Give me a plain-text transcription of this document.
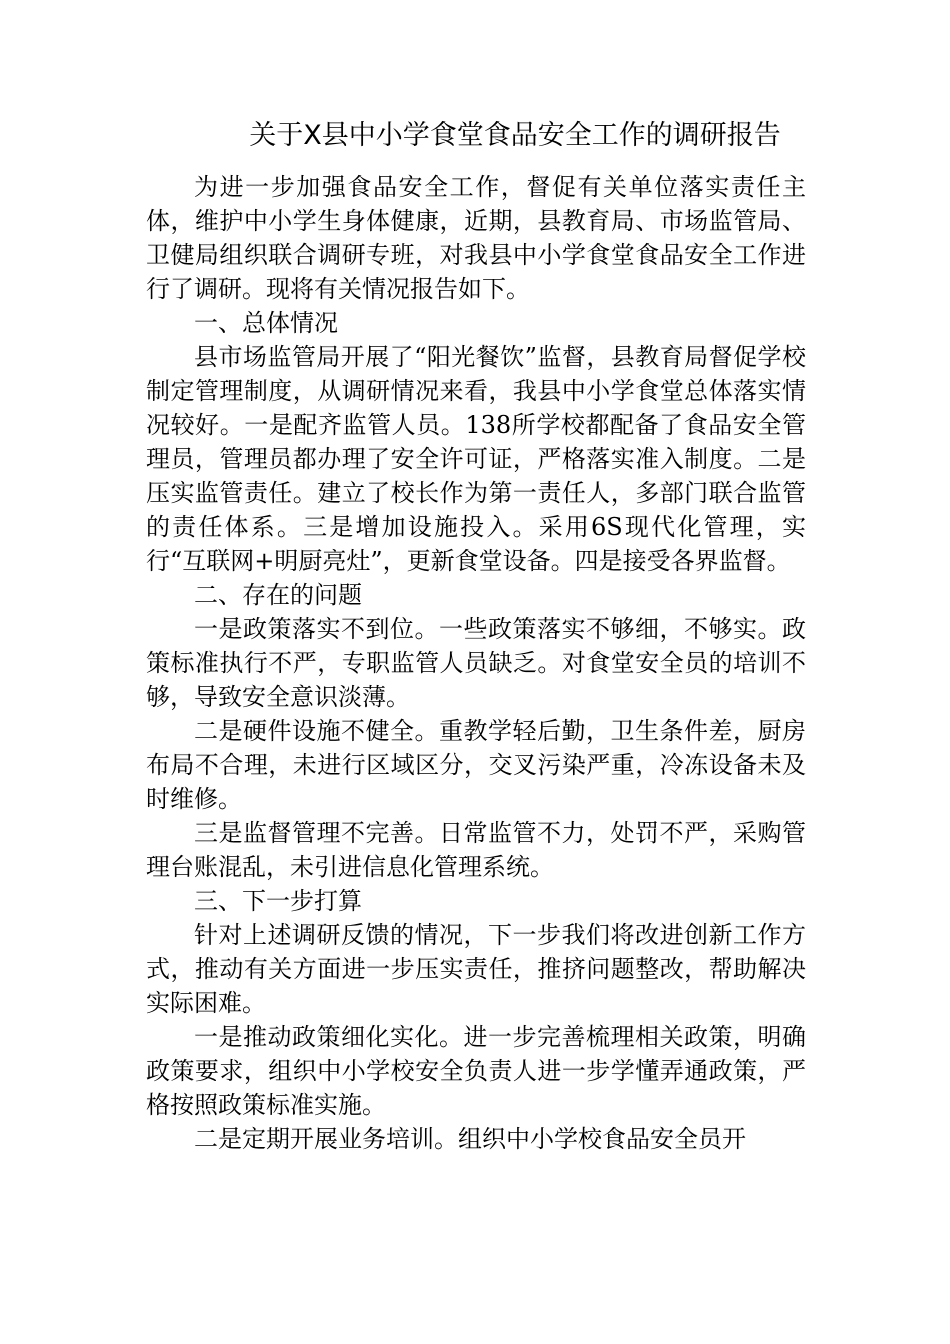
关于X县中小学食堂食品安全工作的调研报告

为进一步加强食品安全工作，督促有关单位落实责任主体，维护中小学生身体健康，近期，县教育局、市场监管局、卫健局组织联合调研专班，对我县中小学食堂食品安全工作进行了调研。现将有关情况报告如下。

一、总体情况

县市场监管局开展了“阳光餐饮”监督，县教育局督促学校制定管理制度，从调研情况来看，我县中小学食堂总体落实情况较好。一是配齐监管人员。138所学校都配备了食品安全管理员，管理员都办理了安全许可证，严格落实准入制度。二是压实监管责任。建立了校长作为第一责任人，多部门联合监管的责任体系。三是增加设施投入。采用6S现代化管理，实行“互联网+明厨亮灶”，更新食堂设备。四是接受各界监督。

二、存在的问题

一是政策落实不到位。一些政策落实不够细，不够实。政策标准执行不严，专职监管人员缺乏。对食堂安全员的培训不够，导致安全意识淡薄。

二是硬件设施不健全。重教学轻后勤，卫生条件差，厨房布局不合理，未进行区域区分，交叉污染严重，冷冻设备未及时维修。

三是监督管理不完善。日常监管不力，处罚不严，采购管理台账混乱，未引进信息化管理系统。

三、下一步打算

针对上述调研反馈的情况，下一步我们将改进创新工作方式，推动有关方面进一步压实责任，推挤问题整改，帮助解决实际困难。

一是推动政策细化实化。进一步完善梳理相关政策，明确政策要求，组织中小学校安全负责人进一步学懂弄通政策，严格按照政策标准实施。

二是定期开展业务培训。组织中小学校食品安全员开
